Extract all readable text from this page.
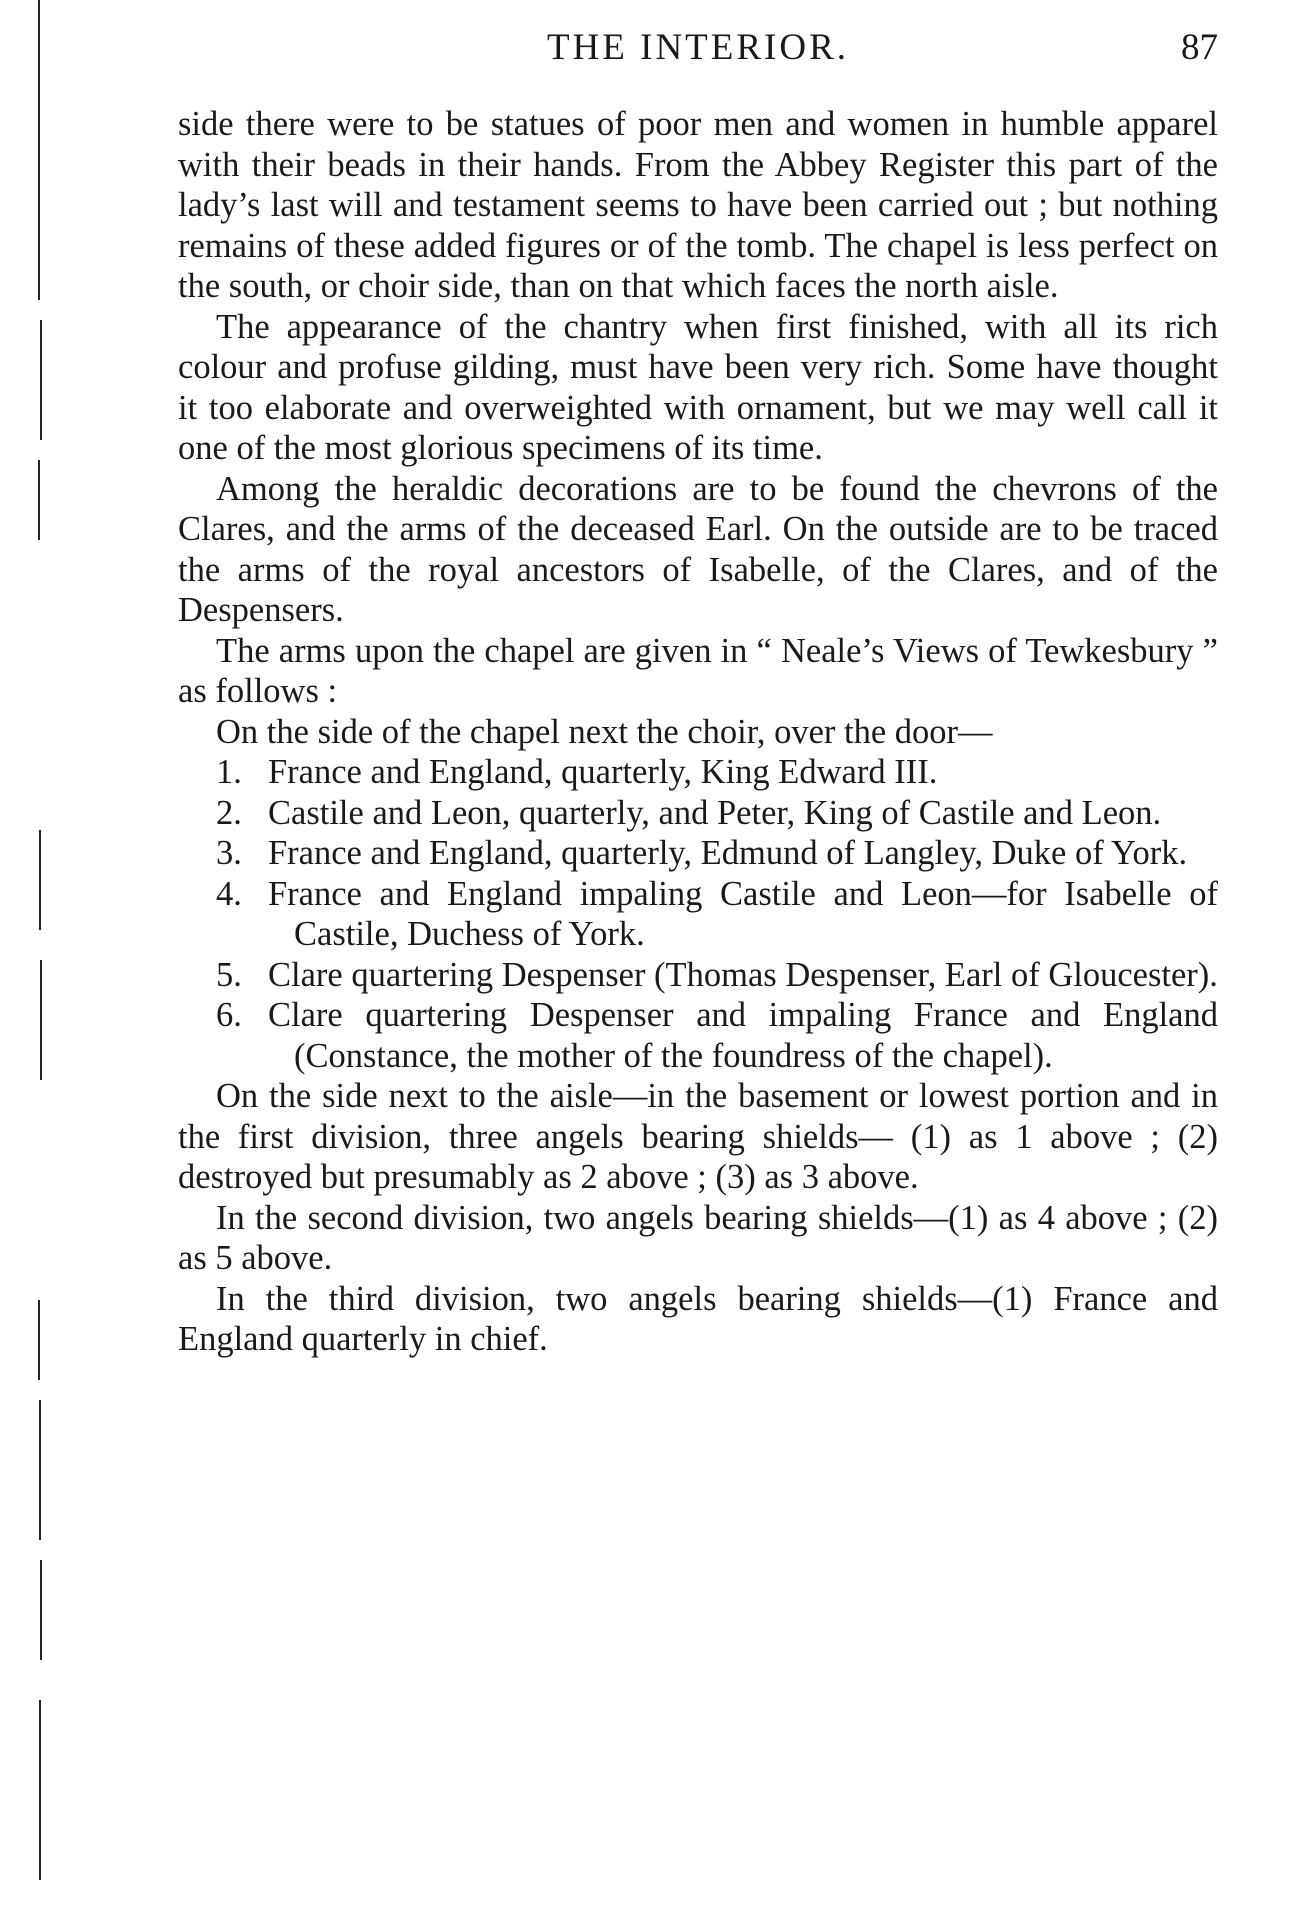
THE INTERIOR.	87

side there were to be statues of poor men and women in humble apparel with their beads in their hands. From the Abbey Register this part of the lady’s last will and testament seems to have been carried out ; but nothing remains of these added figures or of the tomb. The chapel is less perfect on the south, or choir side, than on that which faces the north aisle.

The appearance of the chantry when first finished, with all its rich colour and profuse gilding, must have been very rich. Some have thought it too elaborate and overweighted with ornament, but we may well call it one of the most glorious specimens of its time.

Among the heraldic decorations are to be found the chevrons of the Clares, and the arms of the deceased Earl. On the outside are to be traced the arms of the royal ancestors of Isabelle, of the Clares, and of the Despensers.

The arms upon the chapel are given in “ Neale’s Views of Tewkesbury ” as follows :

On the side of the chapel next the choir, over the door—

1. France and England, quarterly, King Edward III.
2. Castile and Leon, quarterly, and Peter, King of Castile and Leon.
3. France and England, quarterly, Edmund of Langley, Duke of York.
4. France and England impaling Castile and Leon—for Isabelle of Castile, Duchess of York.
5. Clare quartering Despenser (Thomas Despenser, Earl of Gloucester).
6. Clare quartering Despenser and impaling France and England (Constance, the mother of the foundress of the chapel).

On the side next to the aisle—in the basement or lowest portion and in the first division, three angels bearing shields— (1) as 1 above ; (2) destroyed but presumably as 2 above ; (3) as 3 above.

In the second division, two angels bearing shields—(1) as 4 above ; (2) as 5 above.

In the third division, two angels bearing shields—(1) France and England quarterly in chief.
